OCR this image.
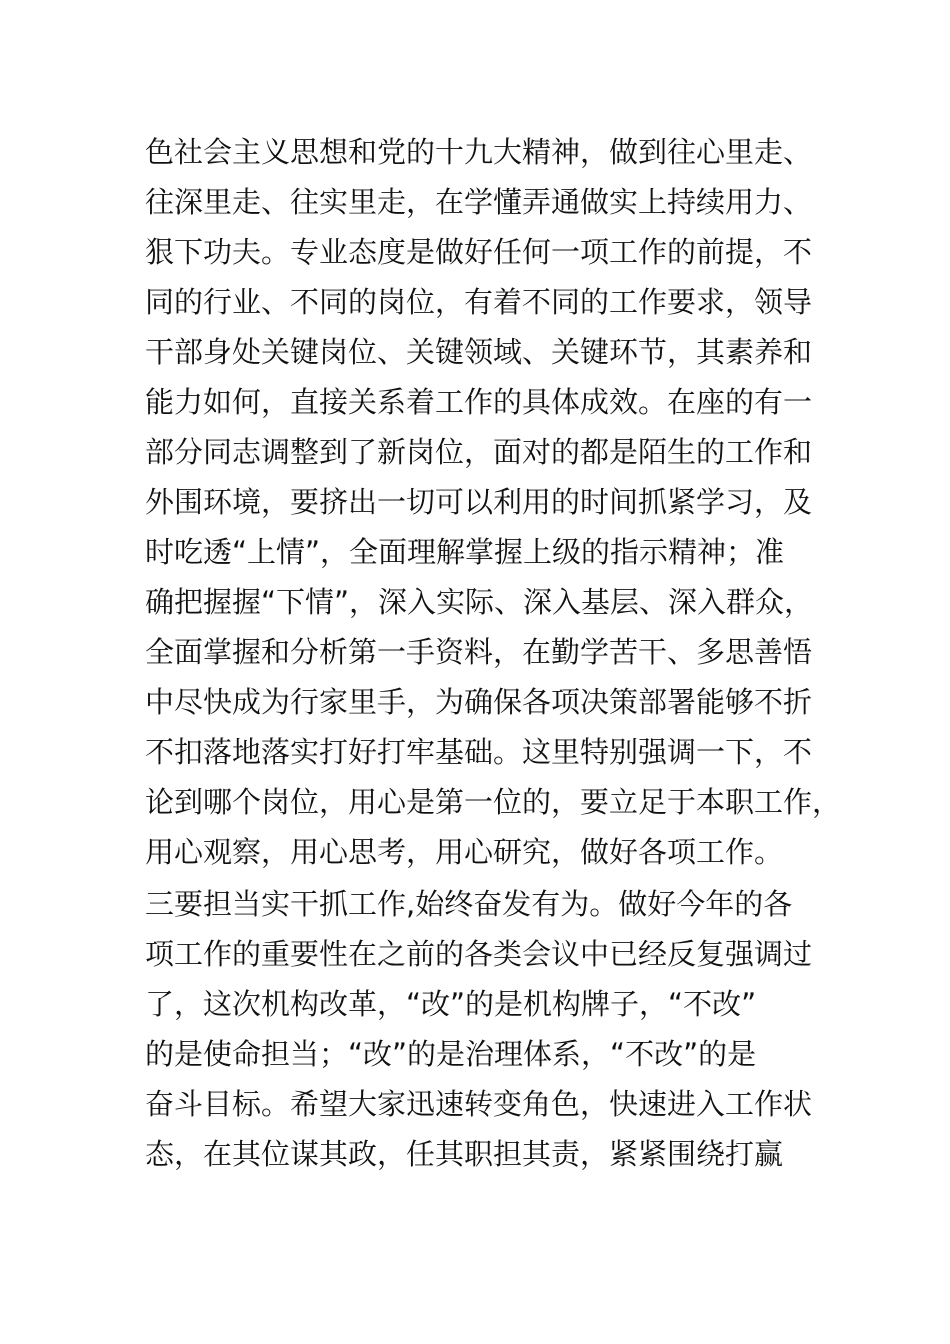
色社会主义思想和党的十九大精神，做到往心里走、
往深里走、往实里走，在学懂弄通做实上持续用力、
狠下功夫。专业态度是做好任何一项工作的前提，不
同的行业、不同的岗位，有着不同的工作要求，领导
干部身处关键岗位、关键领域、关键环节，其素养和
能力如何，直接关系着工作的具体成效。在座的有一
部分同志调整到了新岗位，面对的都是陌生的工作和
外围环境，要挤出一切可以利用的时间抓紧学习，及
时吃透“上情”，全面理解掌握上级的指示精神；准
确把握握“下情”，深入实际、深入基层、深入群众，
全面掌握和分析第一手资料，在勤学苦干、多思善悟
中尽快成为行家里手，为确保各项决策部署能够不折
不扣落地落实打好打牢基础。这里特别强调一下，不
论到哪个岗位，用心是第一位的，要立足于本职工作，
用心观察，用心思考，用心研究，做好各项工作。
三要担当实干抓工作,始终奋发有为。做好今年的各
项工作的重要性在之前的各类会议中已经反复强调过
了，这次机构改革，“改”的是机构牌子，“不改”
的是使命担当；“改”的是治理体系，“不改”的是
奋斗目标。希望大家迅速转变角色，快速进入工作状
态，在其位谋其政，任其职担其责，紧紧围绕打赢
